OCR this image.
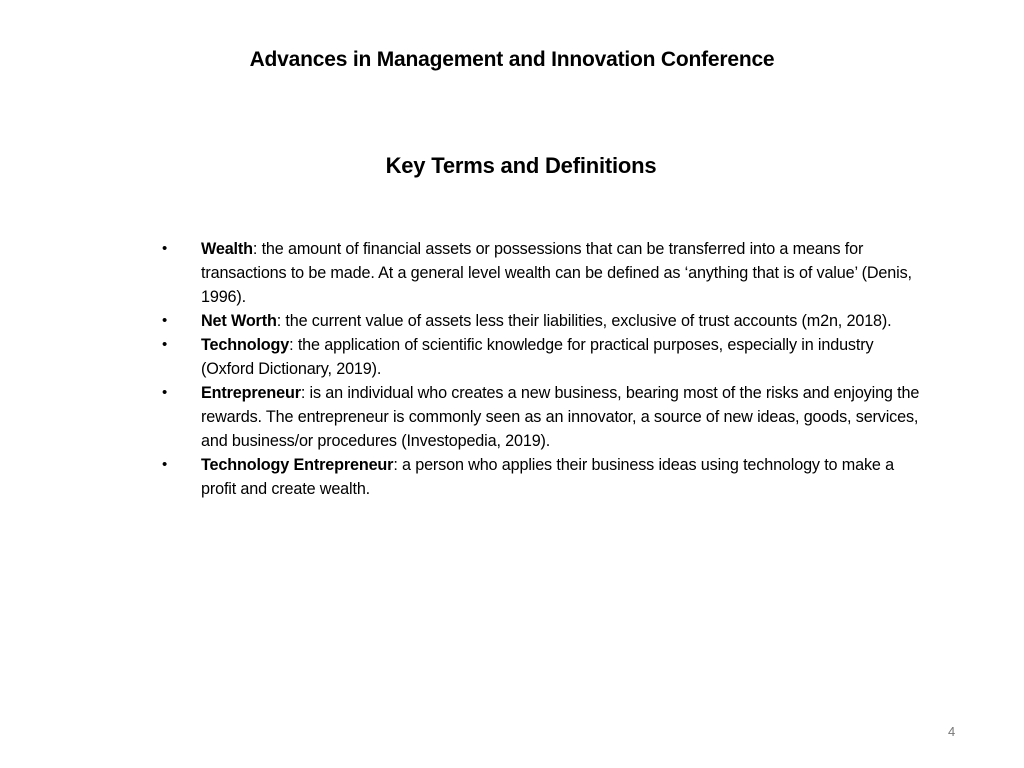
Advances in Management and Innovation Conference
Key Terms and Definitions
• Wealth: the amount of financial assets or possessions that can be transferred into a means for transactions to be made. At a general level wealth can be defined as ‘anything that is of value’ (Denis, 1996).
• Net Worth: the current value of assets less their liabilities, exclusive of trust accounts (m2n, 2018).
• Technology: the application of scientific knowledge for practical purposes, especially in industry (Oxford Dictionary, 2019).
• Entrepreneur: is an individual who creates a new business, bearing most of the risks and enjoying the rewards. The entrepreneur is commonly seen as an innovator, a source of new ideas, goods, services, and business/or procedures (Investopedia, 2019).
• Technology Entrepreneur: a person who applies their business ideas using technology to make a profit and create wealth.
4
